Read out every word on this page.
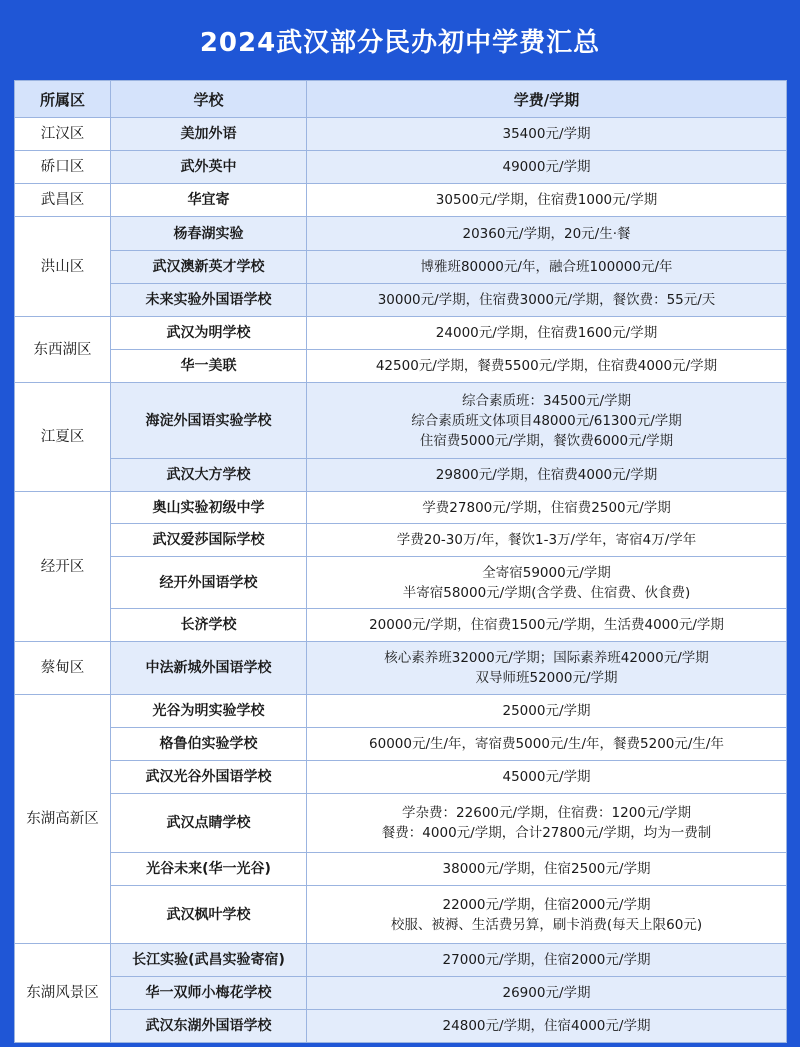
2024武汉部分民办初中学费汇总
所属区	学校	学费/学期
江汉区	美加外语	35400元/学期

硚口区	武外英中	49000元/学期

武昌区	华宜寄	30500元/学期，住宿费1000元/学期

洪山区	杨春湖实验	20360元/学期，20元/生·餐

	武汉澳新英才学校	博雅班80000元/年，融合班100000元/年

	未来实验外国语学校	30000元/学期，住宿费3000元/学期，餐饮费：55元/天

东西湖区	武汉为明学校	24000元/学期，住宿费1600元/学期

	华一美联	42500元/学期，餐费5500元/学期，住宿费4000元/学期

江夏区	海淀外国语实验学校	综合素质班：34500元/学期
综合素质班文体项目48000元/61300元/学期
住宿费5000元/学期，餐饮费6000元/学期

	武汉大方学校	29800元/学期，住宿费4000元/学期

经开区	奥山实验初级中学	学费27800元/学期，住宿费2500元/学期

	武汉爱莎国际学校	学费20-30万/年，餐饮1-3万/学年，寄宿4万/学年

	经开外国语学校	全寄宿59000元/学期
半寄宿58000元/学期(含学费、住宿费、伙食费)

	长济学校	20000元/学期，住宿费1500元/学期，生活费4000元/学期

蔡甸区	中法新城外国语学校	核心素养班32000元/学期；国际素养班42000元/学期
双导师班52000元/学期

东湖高新区	光谷为明实验学校	25000元/学期

	格鲁伯实验学校	60000元/生/年，寄宿费5000元/生/年，餐费5200元/生/年

	武汉光谷外国语学校	45000元/学期

	武汉点睛学校	学杂费：22600元/学期，住宿费：1200元/学期
餐费：4000元/学期，合计27800元/学期，均为一费制

	光谷未来(华一光谷)	38000元/学期，住宿2500元/学期

	武汉枫叶学校	22000元/学期，住宿2000元/学期
校服、被褥、生活费另算，刷卡消费(每天上限60元)

东湖风景区	长江实验(武昌实验寄宿)	27000元/学期，住宿2000元/学期

	华一双师小梅花学校	26900元/学期

	武汉东湖外国语学校	24800元/学期，住宿4000元/学期
